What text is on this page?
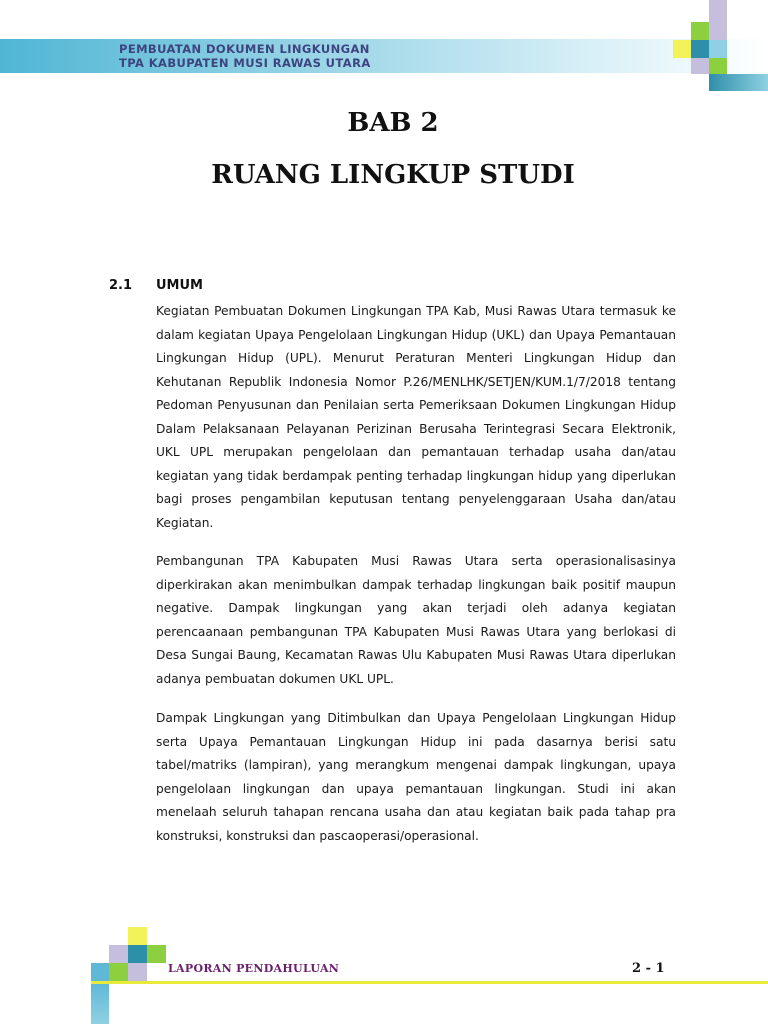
PEMBUATAN DOKUMEN LINGKUNGAN
TPA KABUPATEN MUSI RAWAS UTARA
BAB 2
RUANG LINGKUP STUDI
2.1 UMUM

Kegiatan Pembuatan Dokumen Lingkungan TPA Kab, Musi Rawas Utara termasuk ke dalam kegiatan Upaya Pengelolaan Lingkungan Hidup (UKL) dan Upaya Pemantauan Lingkungan Hidup (UPL). Menurut Peraturan Menteri Lingkungan Hidup dan Kehutanan Republik Indonesia Nomor P.26/MENLHK/SETJEN/KUM.1/7/2018 tentang Pedoman Penyusunan dan Penilaian serta Pemeriksaan Dokumen Lingkungan Hidup Dalam Pelaksanaan Pelayanan Perizinan Berusaha Terintegrasi Secara Elektronik, UKL UPL merupakan pengelolaan dan pemantauan terhadap usaha dan/atau kegiatan yang tidak berdampak penting terhadap lingkungan hidup yang diperlukan bagi proses pengambilan keputusan tentang penyelenggaraan Usaha dan/atau Kegiatan.

Pembangunan TPA Kabupaten Musi Rawas Utara serta operasionalisasinya diperkirakan akan menimbulkan dampak terhadap lingkungan baik positif maupun negative. Dampak lingkungan yang akan terjadi oleh adanya kegiatan perencaanaan pembangunan TPA Kabupaten Musi Rawas Utara yang berlokasi di Desa Sungai Baung, Kecamatan Rawas Ulu Kabupaten Musi Rawas Utara diperlukan adanya pembuatan dokumen UKL UPL.

Dampak Lingkungan yang Ditimbulkan dan Upaya Pengelolaan Lingkungan Hidup serta Upaya Pemantauan Lingkungan Hidup ini pada dasarnya berisi satu tabel/matriks (lampiran), yang merangkum mengenai dampak lingkungan, upaya pengelolaan lingkungan dan upaya pemantauan lingkungan. Studi ini akan menelaah seluruh tahapan rencana usaha dan atau kegiatan baik pada tahap pra konstruksi, konstruksi dan pascaoperasi/operasional.

LAPORAN PENDAHULUAN	2 - 1
